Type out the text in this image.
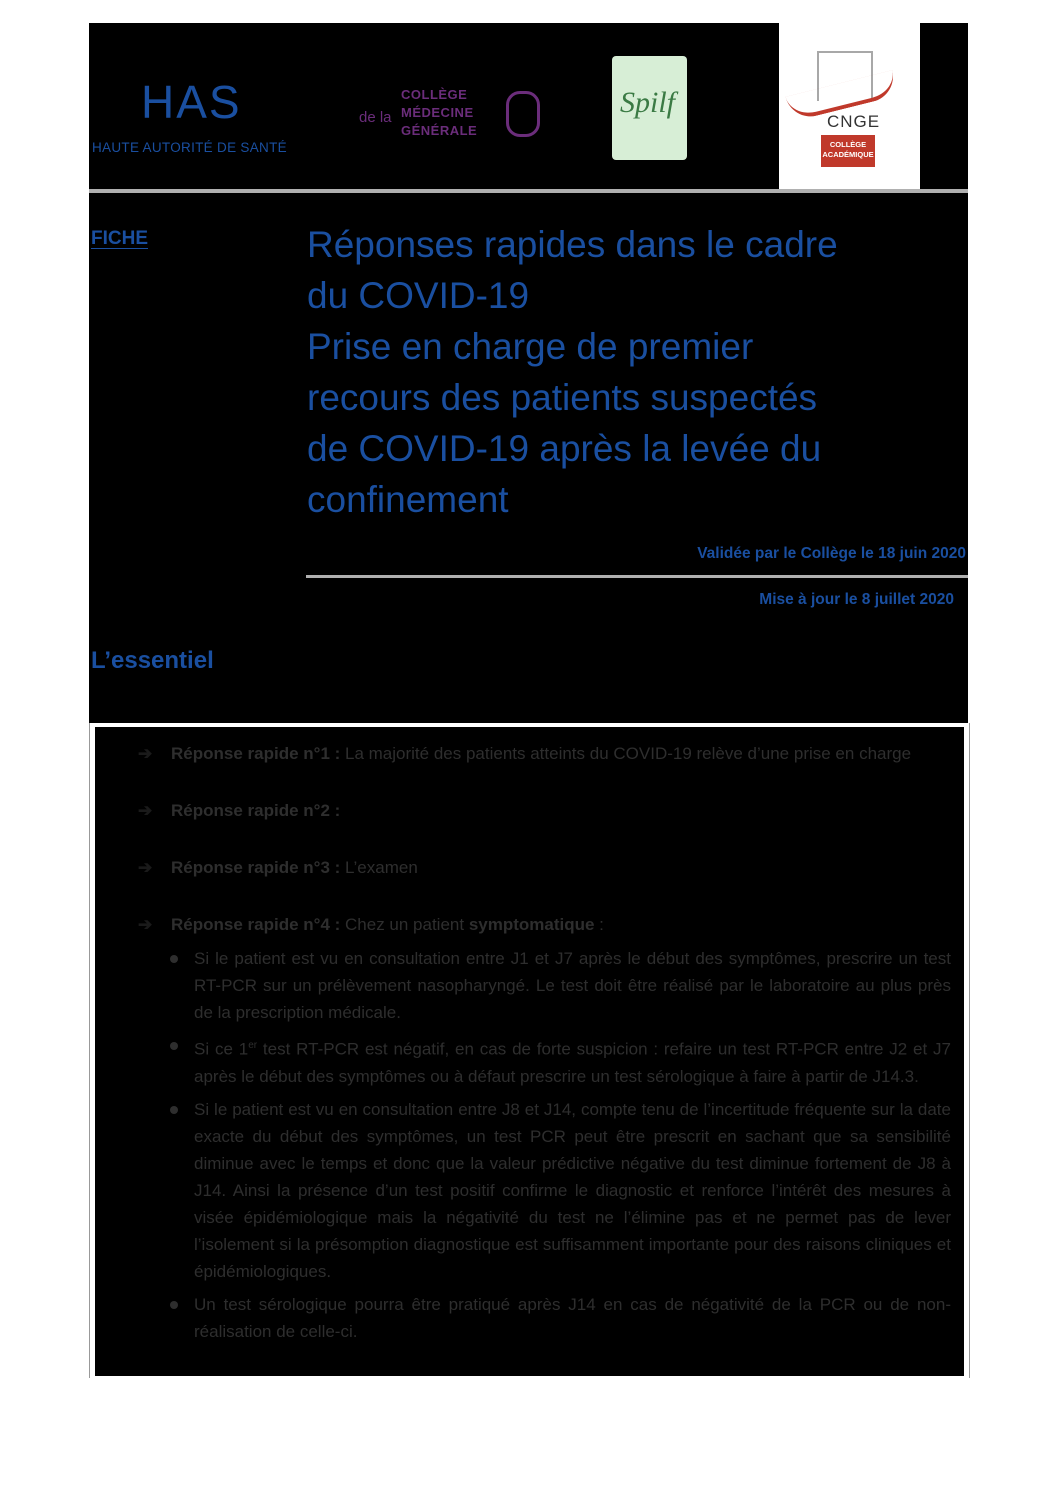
HAS
HAUTE AUTORITÉ DE SANTÉ
de la
COLLÈGE
MÉDECINE
GÉNÉRALE
Spilf
CNGE
COLLÈGE ACADÉMIQUE
FICHE	Réponses rapides dans le cadre
du COVID-19
Prise en charge de premier
recours des patients suspectés
de COVID-19 après la levée du
confinement
Validée par le Collège le 18 juin 2020
Mise à jour le 8 juillet 2020
L’essentiel
➔ Réponse rapide n°1 : La majorité des patients atteints du COVID-19 relève d’une prise en charge
➔ Réponse rapide n°2 :
➔ Réponse rapide n°3 : L’examen
➔ Réponse rapide n°4 : Chez un patient symptomatique :
Si le patient est vu en consultation entre J1 et J7 après le début des symptômes, prescrire un test RT-PCR sur un prélèvement nasopharyngé. Le test doit être réalisé par le laboratoire au plus près de la prescription médicale.
Si ce 1er test RT-PCR est négatif, en cas de forte suspicion : refaire un test RT-PCR entre J2 et J7 après le début des symptômes ou à défaut prescrire un test sérologique à faire à partir de J14.3.
Si le patient est vu en consultation entre J8 et J14, compte tenu de l’incertitude fréquente sur la date exacte du début des symptômes, un test PCR peut être prescrit en sachant que sa sensibilité diminue avec le temps et donc que la valeur prédictive négative du test diminue fortement de J8 à J14. Ainsi la présence d’un test positif confirme le diagnostic et renforce l’intérêt des mesures à visée épidémiologique mais la négativité du test ne l’élimine pas et ne permet pas de lever l’isolement si la présomption diagnostique est suffisamment importante pour des raisons cliniques et épidémiologiques.
Un test sérologique pourra être pratiqué après J14 en cas de négativité de la PCR ou de non-réalisation de celle-ci.
